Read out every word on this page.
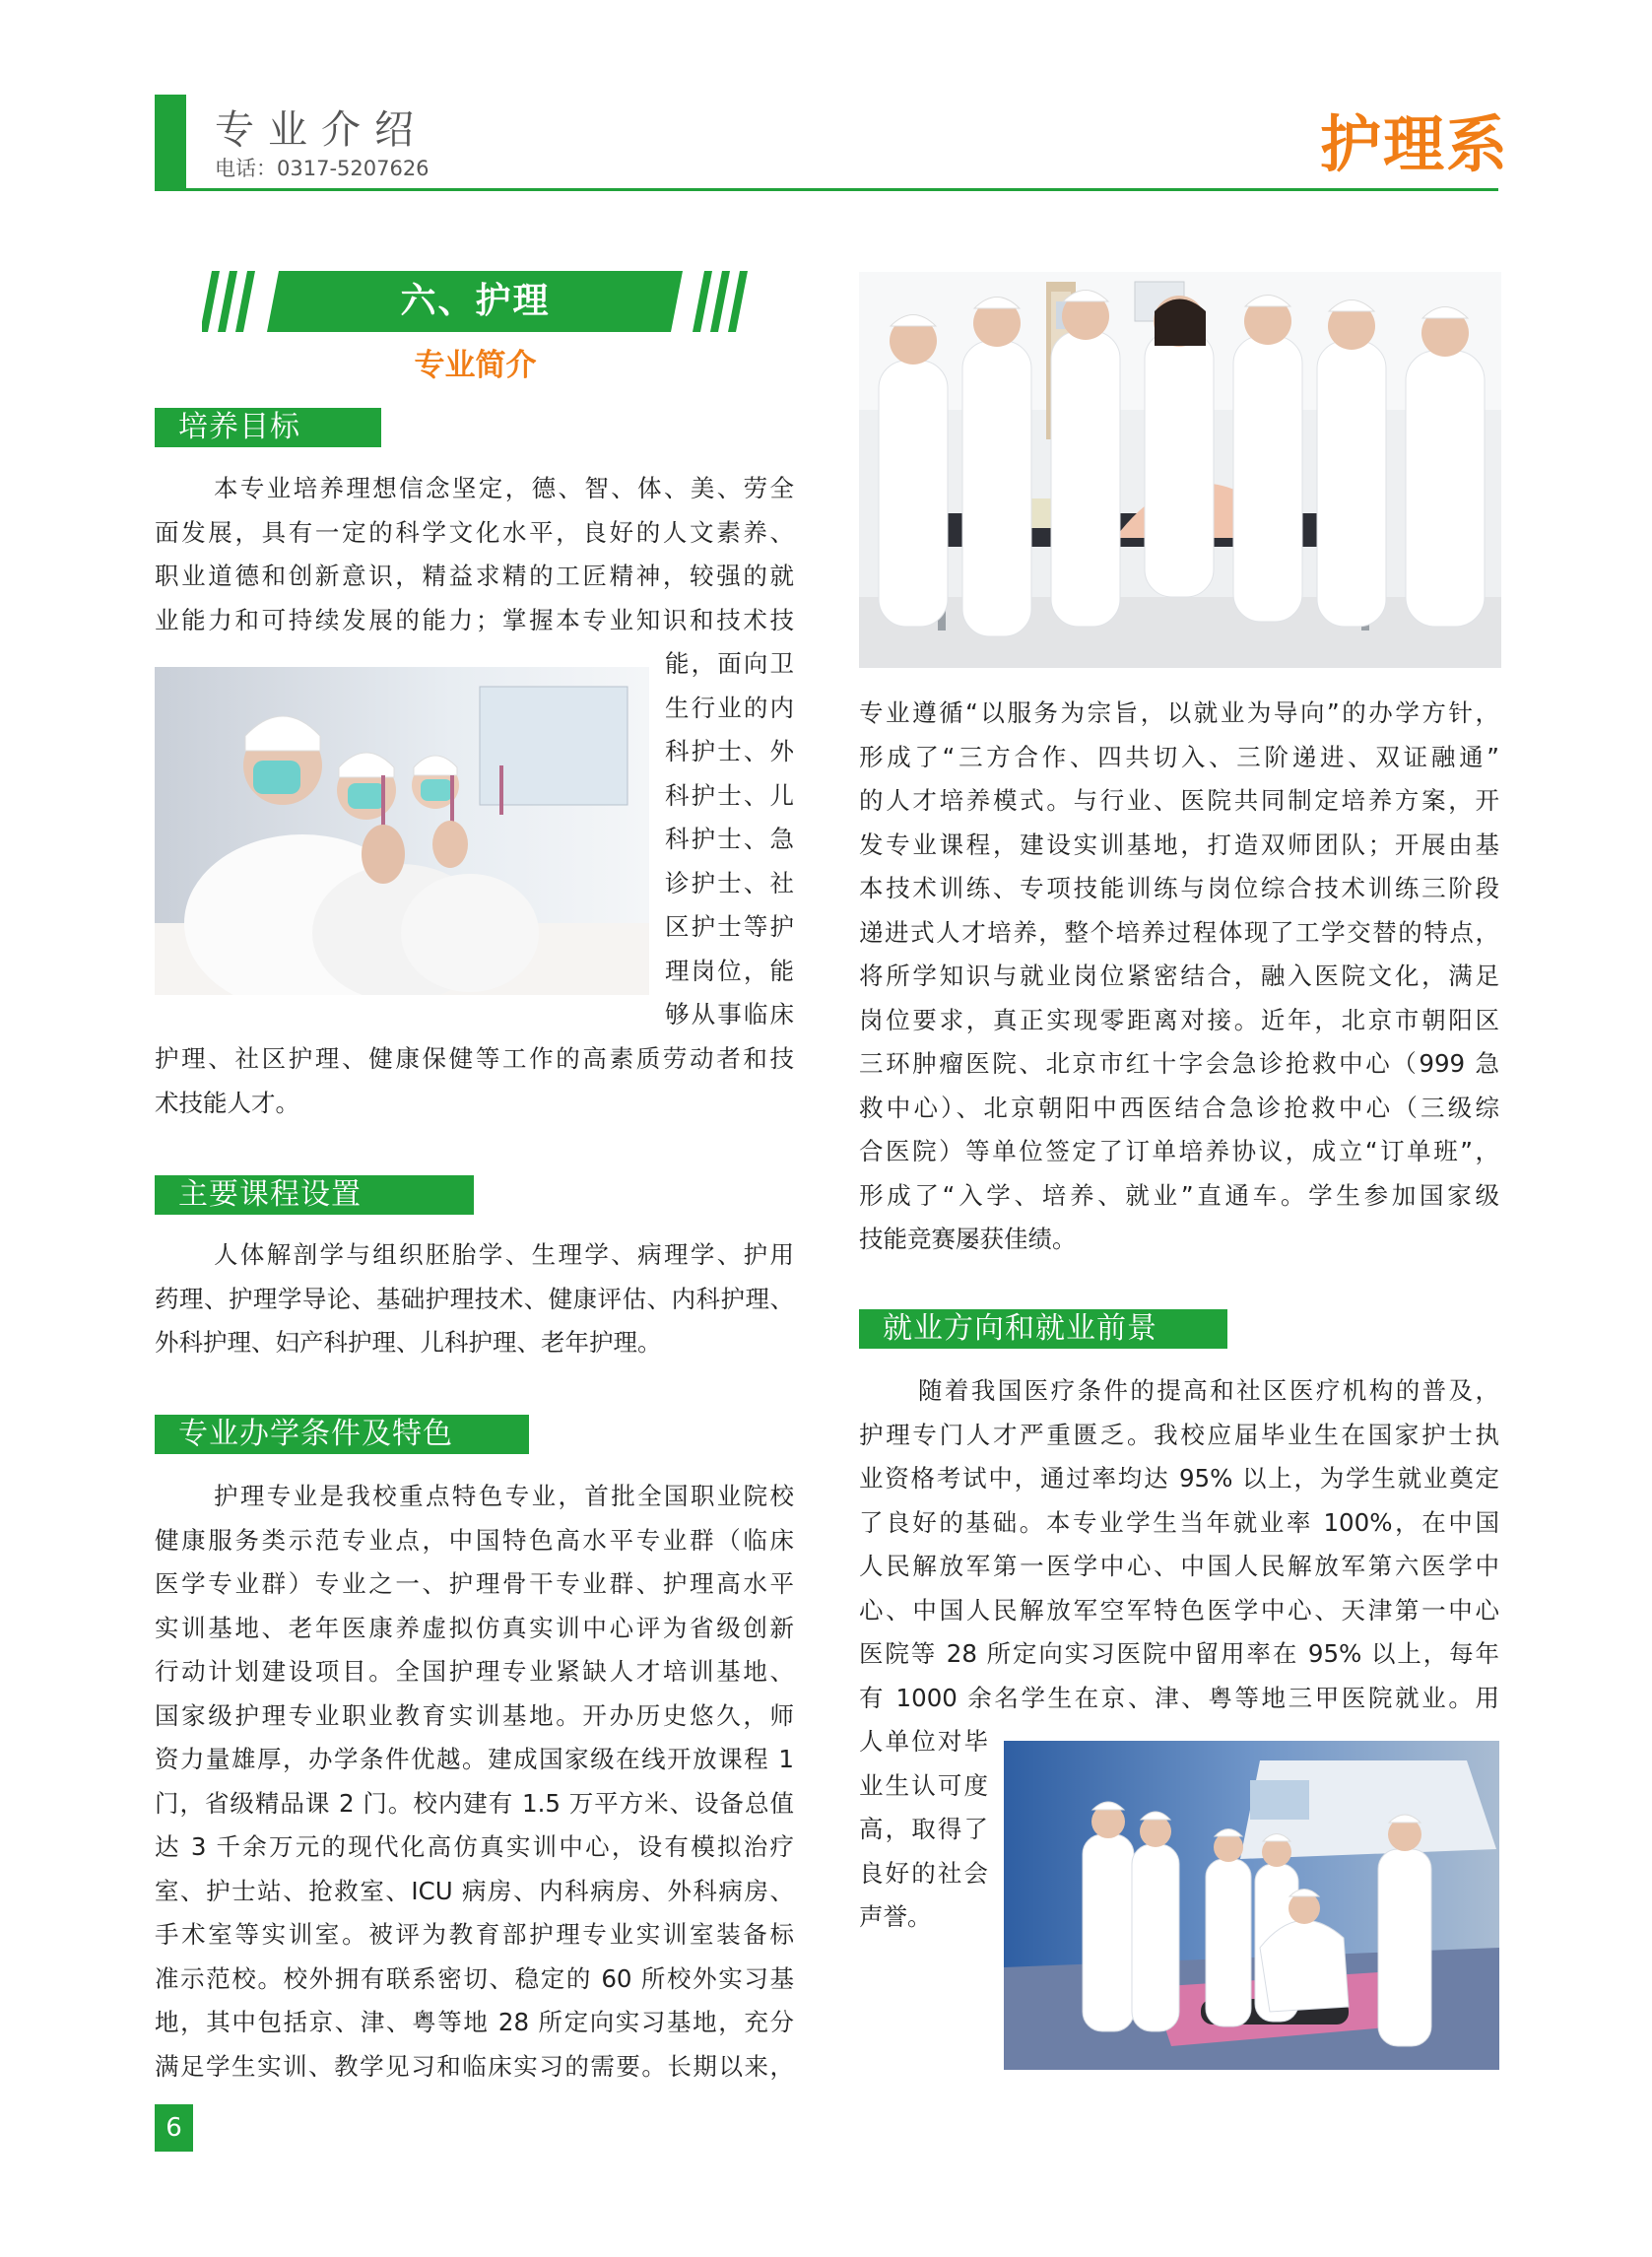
专业介绍
电话：0317-5207626	护理系
六、护理
专业简介
培养目标
本专业培养理想信念坚定，德、智、体、美、劳全
面发展，具有一定的科学文化水平，良好的人文素养、
职业道德和创新意识，精益求精的工匠精神，较强的就
业能力和可持续发展的能力；掌握本专业知识和技术技
能，面向卫
生行业的内
科护士、外
科护士、儿
科护士、急
诊护士、社
区护士等护
理岗位，能
够从事临床
护理、社区护理、健康保健等工作的高素质劳动者和技
术技能人才。
主要课程设置
人体解剖学与组织胚胎学、生理学、病理学、护用
药理、护理学导论、基础护理技术、健康评估、内科护理、
外科护理、妇产科护理、儿科护理、老年护理。
专业办学条件及特色
护理专业是我校重点特色专业，首批全国职业院校
健康服务类示范专业点，中国特色高水平专业群（临床
医学专业群）专业之一、护理骨干专业群、护理高水平
实训基地、老年医康养虚拟仿真实训中心评为省级创新
行动计划建设项目。全国护理专业紧缺人才培训基地、
国家级护理专业职业教育实训基地。开办历史悠久，师
资力量雄厚，办学条件优越。建成国家级在线开放课程 1
门，省级精品课 2 门。校内建有 1.5 万平方米、设备总值
达 3 千余万元的现代化高仿真实训中心，设有模拟治疗
室、护士站、抢救室、ICU 病房、内科病房、外科病房、
手术室等实训室。被评为教育部护理专业实训室装备标
准示范校。校外拥有联系密切、稳定的 60 所校外实习基
地，其中包括京、津、粤等地 28 所定向实习基地，充分
满足学生实训、教学见习和临床实习的需要。长期以来，
专业遵循“以服务为宗旨，以就业为导向”的办学方针，
形成了“三方合作、四共切入、三阶递进、双证融通”
的人才培养模式。与行业、医院共同制定培养方案，开
发专业课程，建设实训基地，打造双师团队；开展由基
本技术训练、专项技能训练与岗位综合技术训练三阶段
递进式人才培养，整个培养过程体现了工学交替的特点，
将所学知识与就业岗位紧密结合，融入医院文化，满足
岗位要求，真正实现零距离对接。近年，北京市朝阳区
三环肿瘤医院、北京市红十字会急诊抢救中心（999 急
救中心）、北京朝阳中西医结合急诊抢救中心（三级综
合医院）等单位签定了订单培养协议，成立“订单班”，
形成了“入学、培养、就业”直通车。学生参加国家级
技能竞赛屡获佳绩。
就业方向和就业前景
随着我国医疗条件的提高和社区医疗机构的普及，
护理专门人才严重匮乏。我校应届毕业生在国家护士执
业资格考试中，通过率均达 95% 以上，为学生就业奠定
了良好的基础。本专业学生当年就业率 100%，在中国
人民解放军第一医学中心、中国人民解放军第六医学中
心、中国人民解放军空军特色医学中心、天津第一中心
医院等 28 所定向实习医院中留用率在 95% 以上，每年
有 1000 余名学生在京、津、粤等地三甲医院就业。用
人单位对毕
业生认可度
高，取得了
良好的社会
声誉。
6
